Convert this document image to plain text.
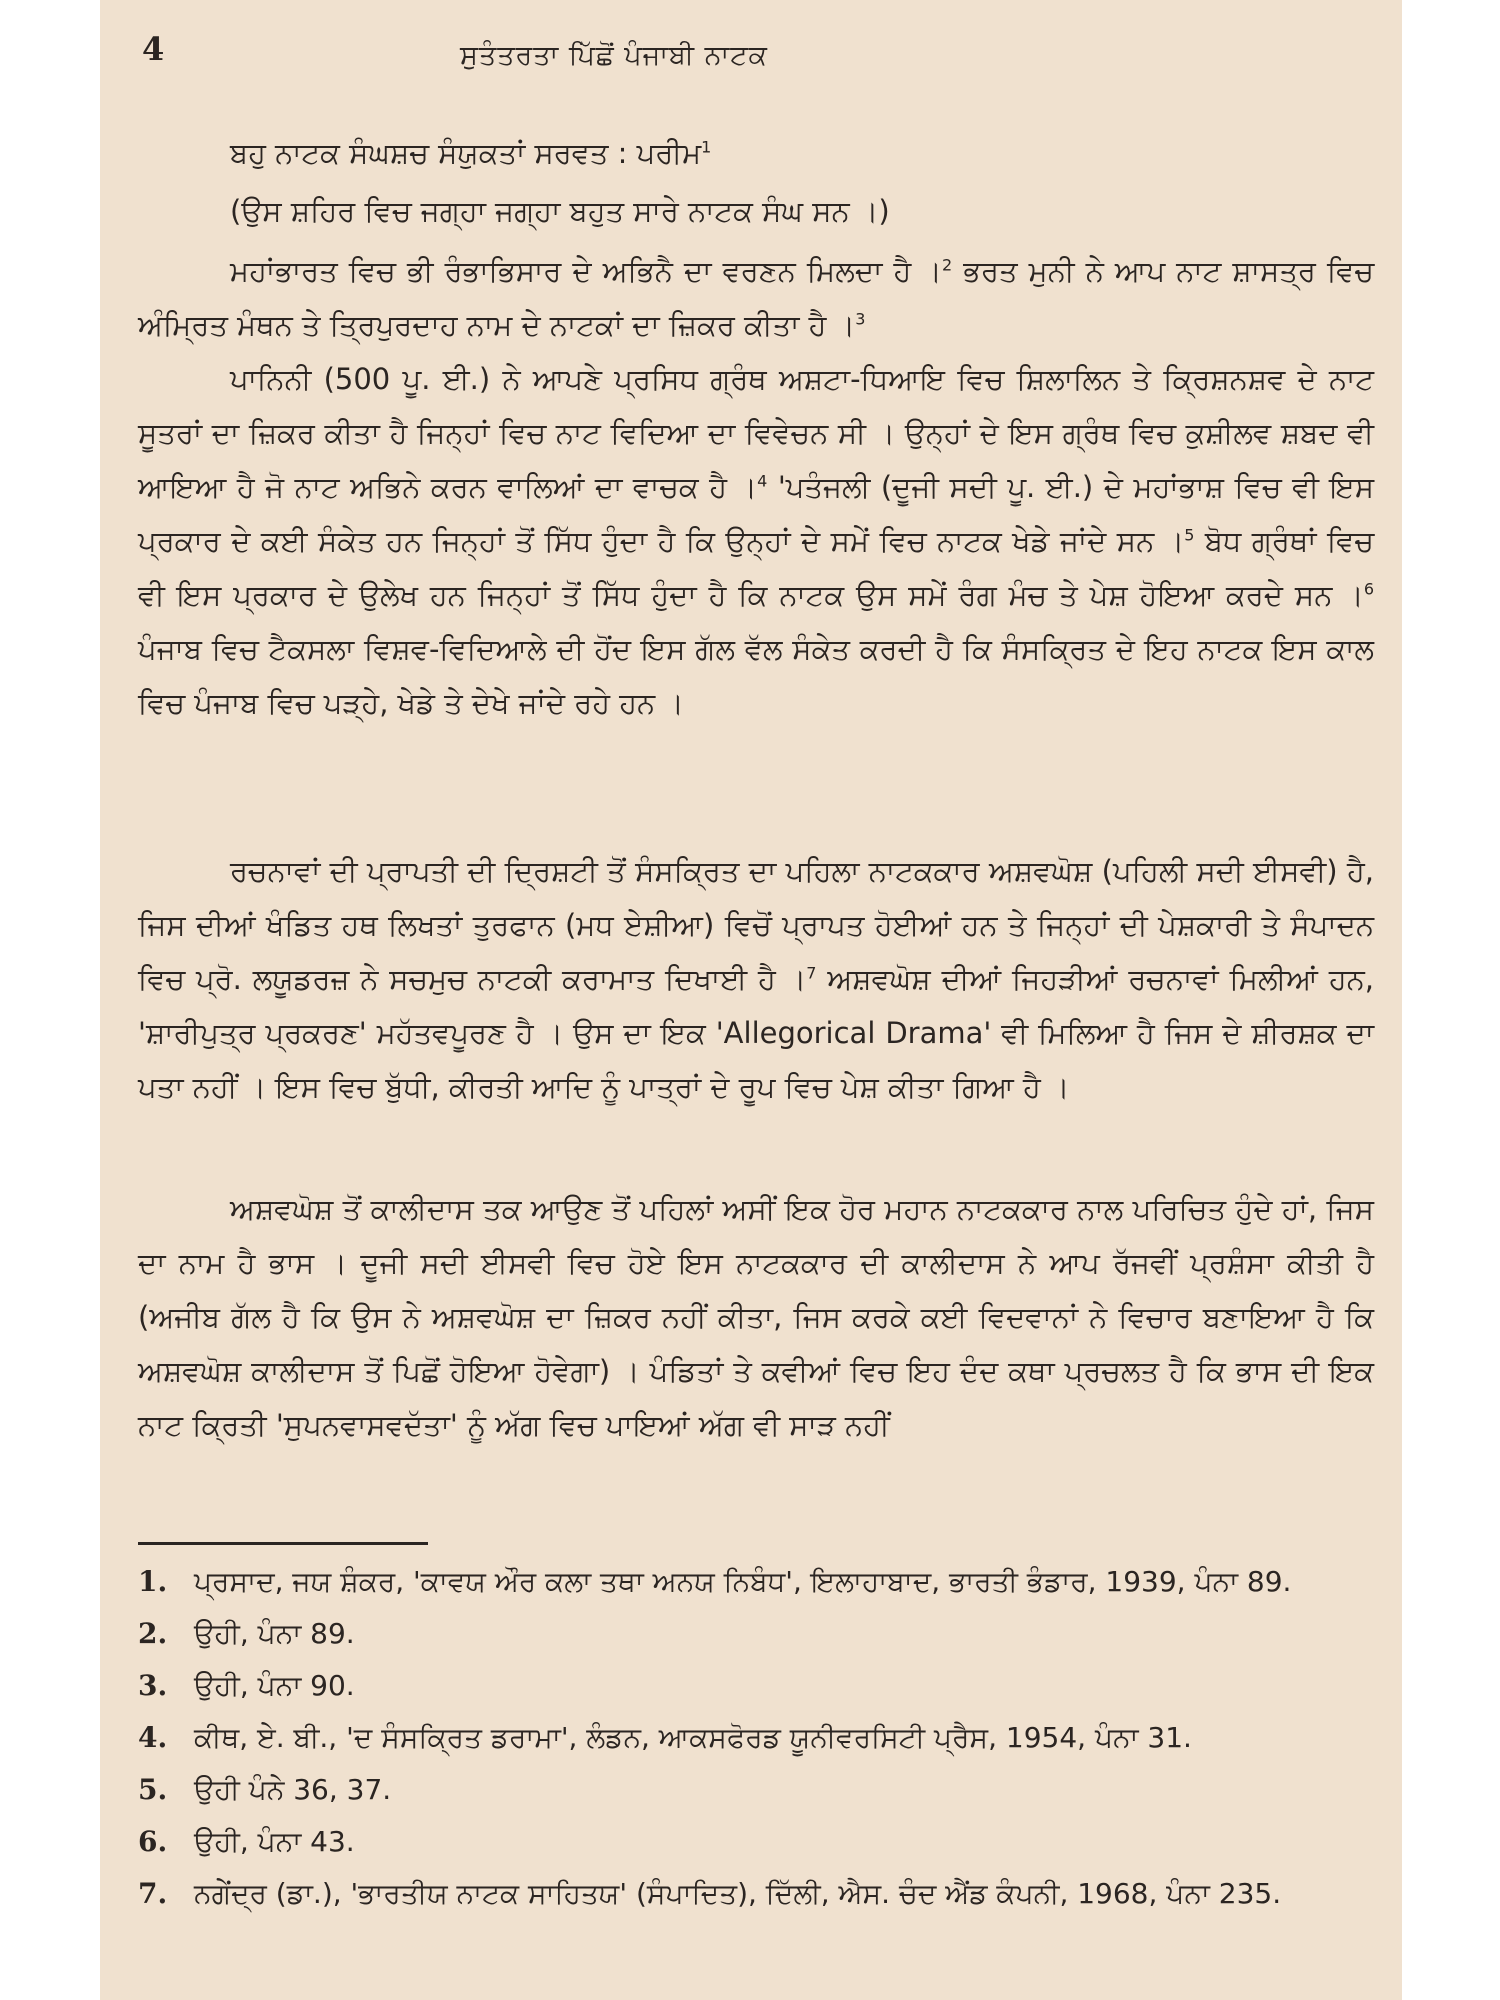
4	ਸੁਤੰਤਰਤਾ ਪਿੱਛੋਂ ਪੰਜਾਬੀ ਨਾਟਕ

ਬਹੁ ਨਾਟਕ ਸੰਘਸ਼ਚ ਸੰਯੁਕਤਾਂ ਸਰਵਤ : ਪਰੀਮ$^1$

(ਉਸ ਸ਼ਹਿਰ ਵਿਚ ਜਗ੍ਹਾ ਜਗ੍ਹਾ ਬਹੁਤ ਸਾਰੇ ਨਾਟਕ ਸੰਘ ਸਨ ।)

ਮਹਾਂਭਾਰਤ ਵਿਚ ਭੀ ਰੰਭਾਭਿਸਾਰ ਦੇ ਅਭਿਨੈ ਦਾ ਵਰਣਨ ਮਿਲਦਾ ਹੈ ।$^2$ ਭਰਤ ਮੁਨੀ ਨੇ ਆਪ ਨਾਟ ਸ਼ਾਸਤ੍ਰ ਵਿਚ ਅੰਮ੍ਰਿਤ ਮੰਥਨ ਤੇ ਤ੍ਰਿਪੁਰਦਾਹ ਨਾਮ ਦੇ ਨਾਟਕਾਂ ਦਾ ਜ਼ਿਕਰ ਕੀਤਾ ਹੈ ।$^3$

ਪਾਨਿਨੀ (500 ਪੂ. ਈ.) ਨੇ ਆਪਣੇ ਪ੍ਰਸਿਧ ਗ੍ਰੰਥ ਅਸ਼ਟਾ-ਧਿਆਇ ਵਿਚ ਸ਼ਿਲਾਲਿਨ ਤੇ ਕ੍ਰਿਸ਼ਨਸ਼ਵ ਦੇ ਨਾਟ ਸੂਤਰਾਂ ਦਾ ਜ਼ਿਕਰ ਕੀਤਾ ਹੈ ਜਿਨ੍ਹਾਂ ਵਿਚ ਨਾਟ ਵਿਦਿਆ ਦਾ ਵਿਵੇਚਨ ਸੀ । ਉਨ੍ਹਾਂ ਦੇ ਇਸ ਗ੍ਰੰਥ ਵਿਚ ਕੁਸ਼ੀਲਵ ਸ਼ਬਦ ਵੀ ਆਇਆ ਹੈ ਜੋ ਨਾਟ ਅਭਿਨੇ ਕਰਨ ਵਾਲਿਆਂ ਦਾ ਵਾਚਕ ਹੈ ।$^4$ 'ਪਤੰਜਲੀ (ਦੂਜੀ ਸਦੀ ਪੂ. ਈ.) ਦੇ ਮਹਾਂਭਾਸ਼ ਵਿਚ ਵੀ ਇਸ ਪ੍ਰਕਾਰ ਦੇ ਕਈ ਸੰਕੇਤ ਹਨ ਜਿਨ੍ਹਾਂ ਤੋਂ ਸਿੱਧ ਹੁੰਦਾ ਹੈ ਕਿ ਉਨ੍ਹਾਂ ਦੇ ਸਮੇਂ ਵਿਚ ਨਾਟਕ ਖੇਡੇ ਜਾਂਦੇ ਸਨ ।$^5$ ਬੋਧ ਗ੍ਰੰਥਾਂ ਵਿਚ ਵੀ ਇਸ ਪ੍ਰਕਾਰ ਦੇ ਉਲੇਖ ਹਨ ਜਿਨ੍ਹਾਂ ਤੋਂ ਸਿੱਧ ਹੁੰਦਾ ਹੈ ਕਿ ਨਾਟਕ ਉਸ ਸਮੇਂ ਰੰਗ ਮੰਚ ਤੇ ਪੇਸ਼ ਹੋਇਆ ਕਰਦੇ ਸਨ ।$^6$ ਪੰਜਾਬ ਵਿਚ ਟੈਕਸਲਾ ਵਿਸ਼ਵ-ਵਿਦਿਆਲੇ ਦੀ ਹੋਂਦ ਇਸ ਗੱਲ ਵੱਲ ਸੰਕੇਤ ਕਰਦੀ ਹੈ ਕਿ ਸੰਸਕ੍ਰਿਤ ਦੇ ਇਹ ਨਾਟਕ ਇਸ ਕਾਲ ਵਿਚ ਪੰਜਾਬ ਵਿਚ ਪੜ੍ਹੇ, ਖੇਡੇ ਤੇ ਦੇਖੇ ਜਾਂਦੇ ਰਹੇ ਹਨ ।

ਰਚਨਾਵਾਂ ਦੀ ਪ੍ਰਾਪਤੀ ਦੀ ਦ੍ਰਿਸ਼ਟੀ ਤੋਂ ਸੰਸਕ੍ਰਿਤ ਦਾ ਪਹਿਲਾ ਨਾਟਕਕਾਰ ਅਸ਼ਵਘੋਸ਼ (ਪਹਿਲੀ ਸਦੀ ਈਸਵੀ) ਹੈ, ਜਿਸ ਦੀਆਂ ਖੰਡਿਤ ਹਥ ਲਿਖਤਾਂ ਤੁਰਫਾਨ (ਮਧ ਏਸ਼ੀਆ) ਵਿਚੋਂ ਪ੍ਰਾਪਤ ਹੋਈਆਂ ਹਨ ਤੇ ਜਿਨ੍ਹਾਂ ਦੀ ਪੇਸ਼ਕਾਰੀ ਤੇ ਸੰਪਾਦਨ ਵਿਚ ਪ੍ਰੋ. ਲਯੂਡਰਜ਼ ਨੇ ਸਚਮੁਚ ਨਾਟਕੀ ਕਰਾਮਾਤ ਦਿਖਾਈ ਹੈ ।$^7$ ਅਸ਼ਵਘੋਸ਼ ਦੀਆਂ ਜਿਹੜੀਆਂ ਰਚਨਾਵਾਂ ਮਿਲੀਆਂ ਹਨ, 'ਸ਼ਾਰੀਪੁਤ੍ਰ ਪ੍ਰਕਰਣ' ਮਹੱਤਵਪੂਰਣ ਹੈ । ਉਸ ਦਾ ਇਕ 'Allegorical Drama' ਵੀ ਮਿਲਿਆ ਹੈ ਜਿਸ ਦੇ ਸ਼ੀਰਸ਼ਕ ਦਾ ਪਤਾ ਨਹੀਂ । ਇਸ ਵਿਚ ਬੁੱਧੀ, ਕੀਰਤੀ ਆਦਿ ਨੂੰ ਪਾਤ੍ਰਾਂ ਦੇ ਰੂਪ ਵਿਚ ਪੇਸ਼ ਕੀਤਾ ਗਿਆ ਹੈ ।

ਅਸ਼ਵਘੋਸ਼ ਤੋਂ ਕਾਲੀਦਾਸ ਤਕ ਆਉਣ ਤੋਂ ਪਹਿਲਾਂ ਅਸੀਂ ਇਕ ਹੋਰ ਮਹਾਨ ਨਾਟਕਕਾਰ ਨਾਲ ਪਰਿਚਿਤ ਹੁੰਦੇ ਹਾਂ, ਜਿਸ ਦਾ ਨਾਮ ਹੈ ਭਾਸ । ਦੂਜੀ ਸਦੀ ਈਸਵੀ ਵਿਚ ਹੋਏ ਇਸ ਨਾਟਕਕਾਰ ਦੀ ਕਾਲੀਦਾਸ ਨੇ ਆਪ ਰੱਜਵੀਂ ਪ੍ਰਸ਼ੰਸਾ ਕੀਤੀ ਹੈ (ਅਜੀਬ ਗੱਲ ਹੈ ਕਿ ਉਸ ਨੇ ਅਸ਼ਵਘੋਸ਼ ਦਾ ਜ਼ਿਕਰ ਨਹੀਂ ਕੀਤਾ, ਜਿਸ ਕਰਕੇ ਕਈ ਵਿਦਵਾਨਾਂ ਨੇ ਵਿਚਾਰ ਬਣਾਇਆ ਹੈ ਕਿ ਅਸ਼ਵਘੋਸ਼ ਕਾਲੀਦਾਸ ਤੋਂ ਪਿਛੋਂ ਹੋਇਆ ਹੋਵੇਗਾ) । ਪੰਡਿਤਾਂ ਤੇ ਕਵੀਆਂ ਵਿਚ ਇਹ ਦੰਦ ਕਥਾ ਪ੍ਰਚਲਤ ਹੈ ਕਿ ਭਾਸ ਦੀ ਇਕ ਨਾਟ ਕ੍ਰਿਤੀ 'ਸੁਪਨਵਾਸਵਦੱਤਾ' ਨੂੰ ਅੱਗ ਵਿਚ ਪਾਇਆਂ ਅੱਗ ਵੀ ਸਾੜ ਨਹੀਂ

1. ਪ੍ਰਸਾਦ, ਜਯ ਸ਼ੰਕਰ, 'ਕਾਵਯ ਔਰ ਕਲਾ ਤਥਾ ਅਨਯ ਨਿਬੰਧ', ਇਲਾਹਾਬਾਦ, ਭਾਰਤੀ ਭੰਡਾਰ, 1939, ਪੰਨਾ 89.
2. ਉਹੀ, ਪੰਨਾ 89.
3. ਉਹੀ, ਪੰਨਾ 90.
4. ਕੀਥ, ਏ. ਬੀ., 'ਦ ਸੰਸਕ੍ਰਿਤ ਡਰਾਮਾ', ਲੰਡਨ, ਆਕਸਫੋਰਡ ਯੂਨੀਵਰਸਿਟੀ ਪ੍ਰੈਸ, 1954, ਪੰਨਾ 31.
5. ਉਹੀ ਪੰਨੇ 36, 37.
6. ਉਹੀ, ਪੰਨਾ 43.
7. ਨਗੇਂਦ੍ਰ (ਡਾ.), 'ਭਾਰਤੀਯ ਨਾਟਕ ਸਾਹਿਤਯ' (ਸੰਪਾਦਿਤ), ਦਿੱਲੀ, ਐਸ. ਚੰਦ ਐਂਡ ਕੰਪਨੀ, 1968, ਪੰਨਾ 235.
